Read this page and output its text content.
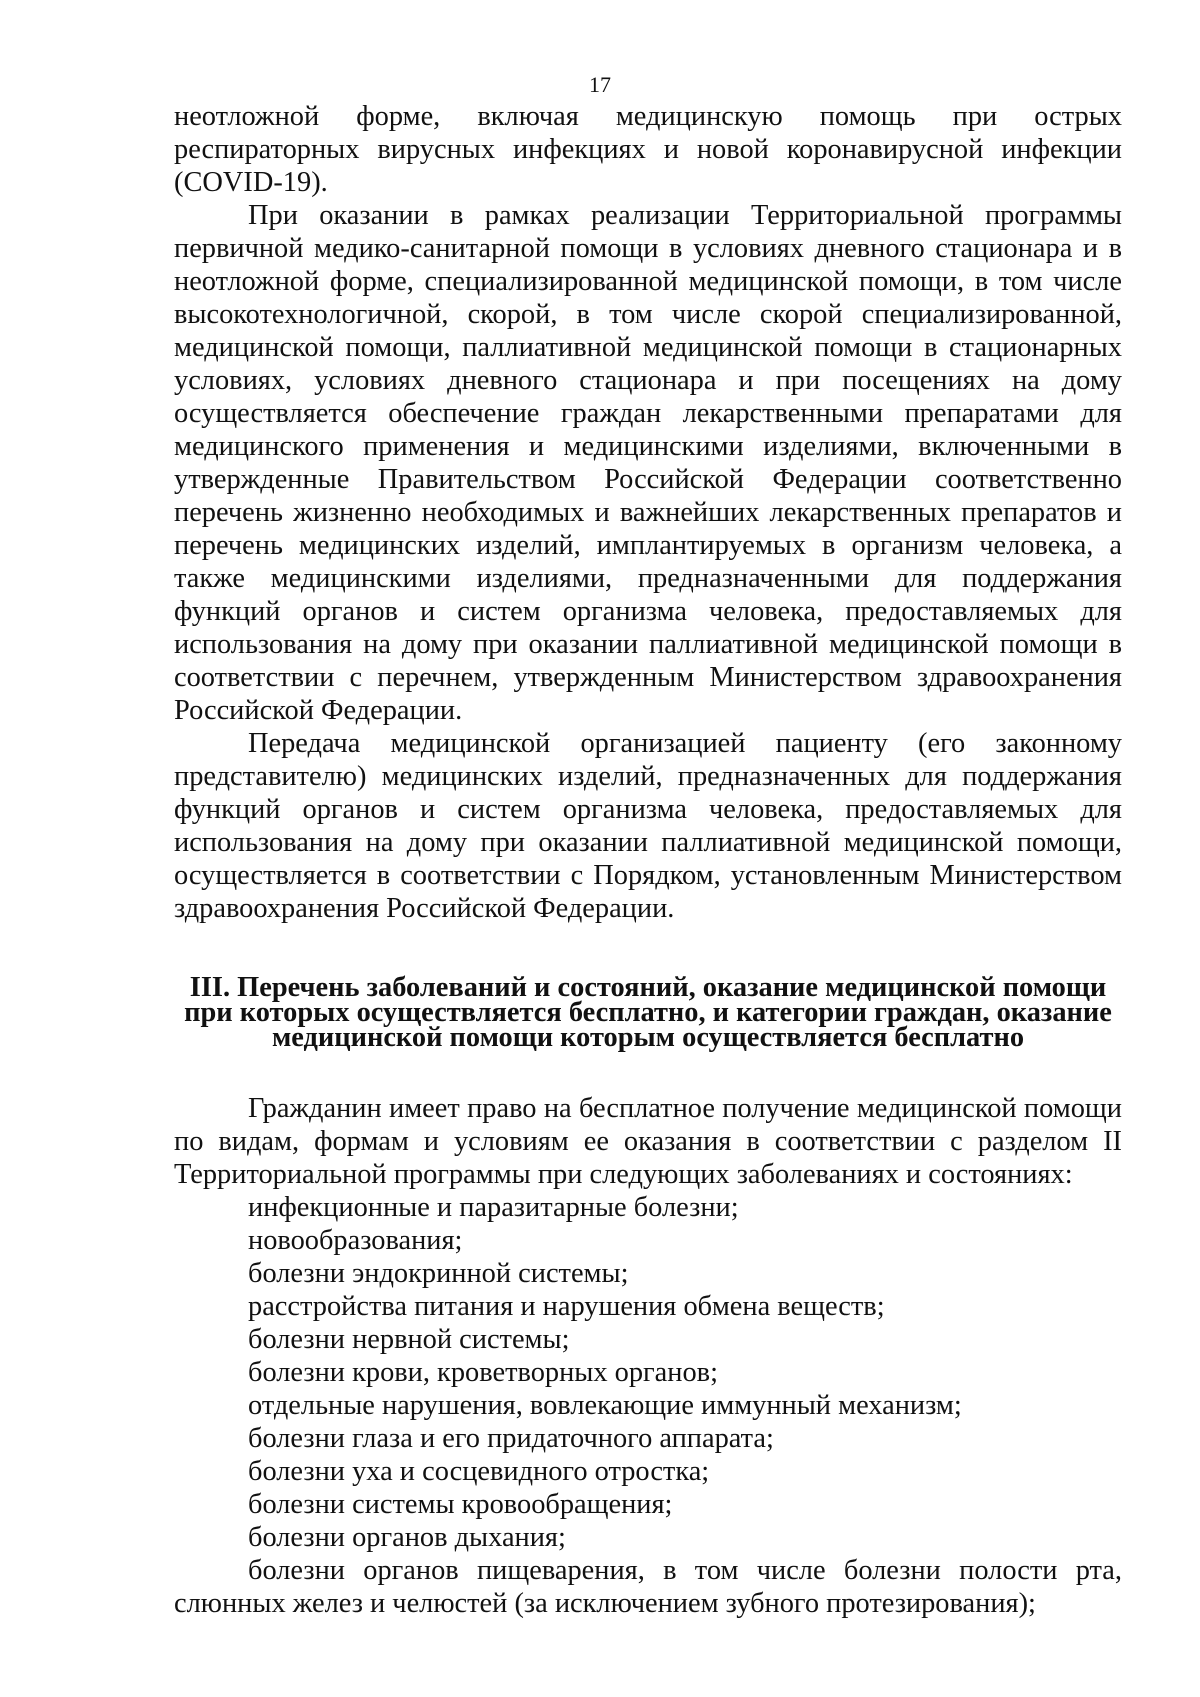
17

неотложной форме, включая медицинскую помощь при острых респираторных вирусных инфекциях и новой коронавирусной инфекции (COVID-19).

При оказании в рамках реализации Территориальной программы первичной медико-санитарной помощи в условиях дневного стационара и в неотложной форме, специализированной медицинской помощи, в том числе высокотехнологичной, скорой, в том числе скорой специализированной, медицинской помощи, паллиативной медицинской помощи в стационарных условиях, условиях дневного стационара и при посещениях на дому осуществляется обеспечение граждан лекарственными препаратами для медицинского применения и медицинскими изделиями, включенными в утвержденные Правительством Российской Федерации соответственно перечень жизненно необходимых и важнейших лекарственных препаратов и перечень медицинских изделий, имплантируемых в организм человека, а также медицинскими изделиями, предназначенными для поддержания функций органов и систем организма человека, предоставляемых для использования на дому при оказании паллиативной медицинской помощи в соответствии с перечнем, утвержденным Министерством здравоохранения Российской Федерации.

Передача медицинской организацией пациенту (его законному представителю) медицинских изделий, предназначенных для поддержания функций органов и систем организма человека, предоставляемых для использования на дому при оказании паллиативной медицинской помощи, осуществляется в соответствии с Порядком, установленным Министерством здравоохранения Российской Федерации.

III. Перечень заболеваний и состояний, оказание медицинской помощи
при которых осуществляется бесплатно, и категории граждан, оказание
медицинской помощи которым осуществляется бесплатно

Гражданин имеет право на бесплатное получение медицинской помощи по видам, формам и условиям ее оказания в соответствии с разделом II Территориальной программы при следующих заболеваниях и состояниях:

инфекционные и паразитарные болезни;

новообразования;

болезни эндокринной системы;

расстройства питания и нарушения обмена веществ;

болезни нервной системы;

болезни крови, кроветворных органов;

отдельные нарушения, вовлекающие иммунный механизм;

болезни глаза и его придаточного аппарата;

болезни уха и сосцевидного отростка;

болезни системы кровообращения;

болезни органов дыхания;

болезни органов пищеварения, в том числе болезни полости рта, слюнных желез и челюстей (за исключением зубного протезирования);
